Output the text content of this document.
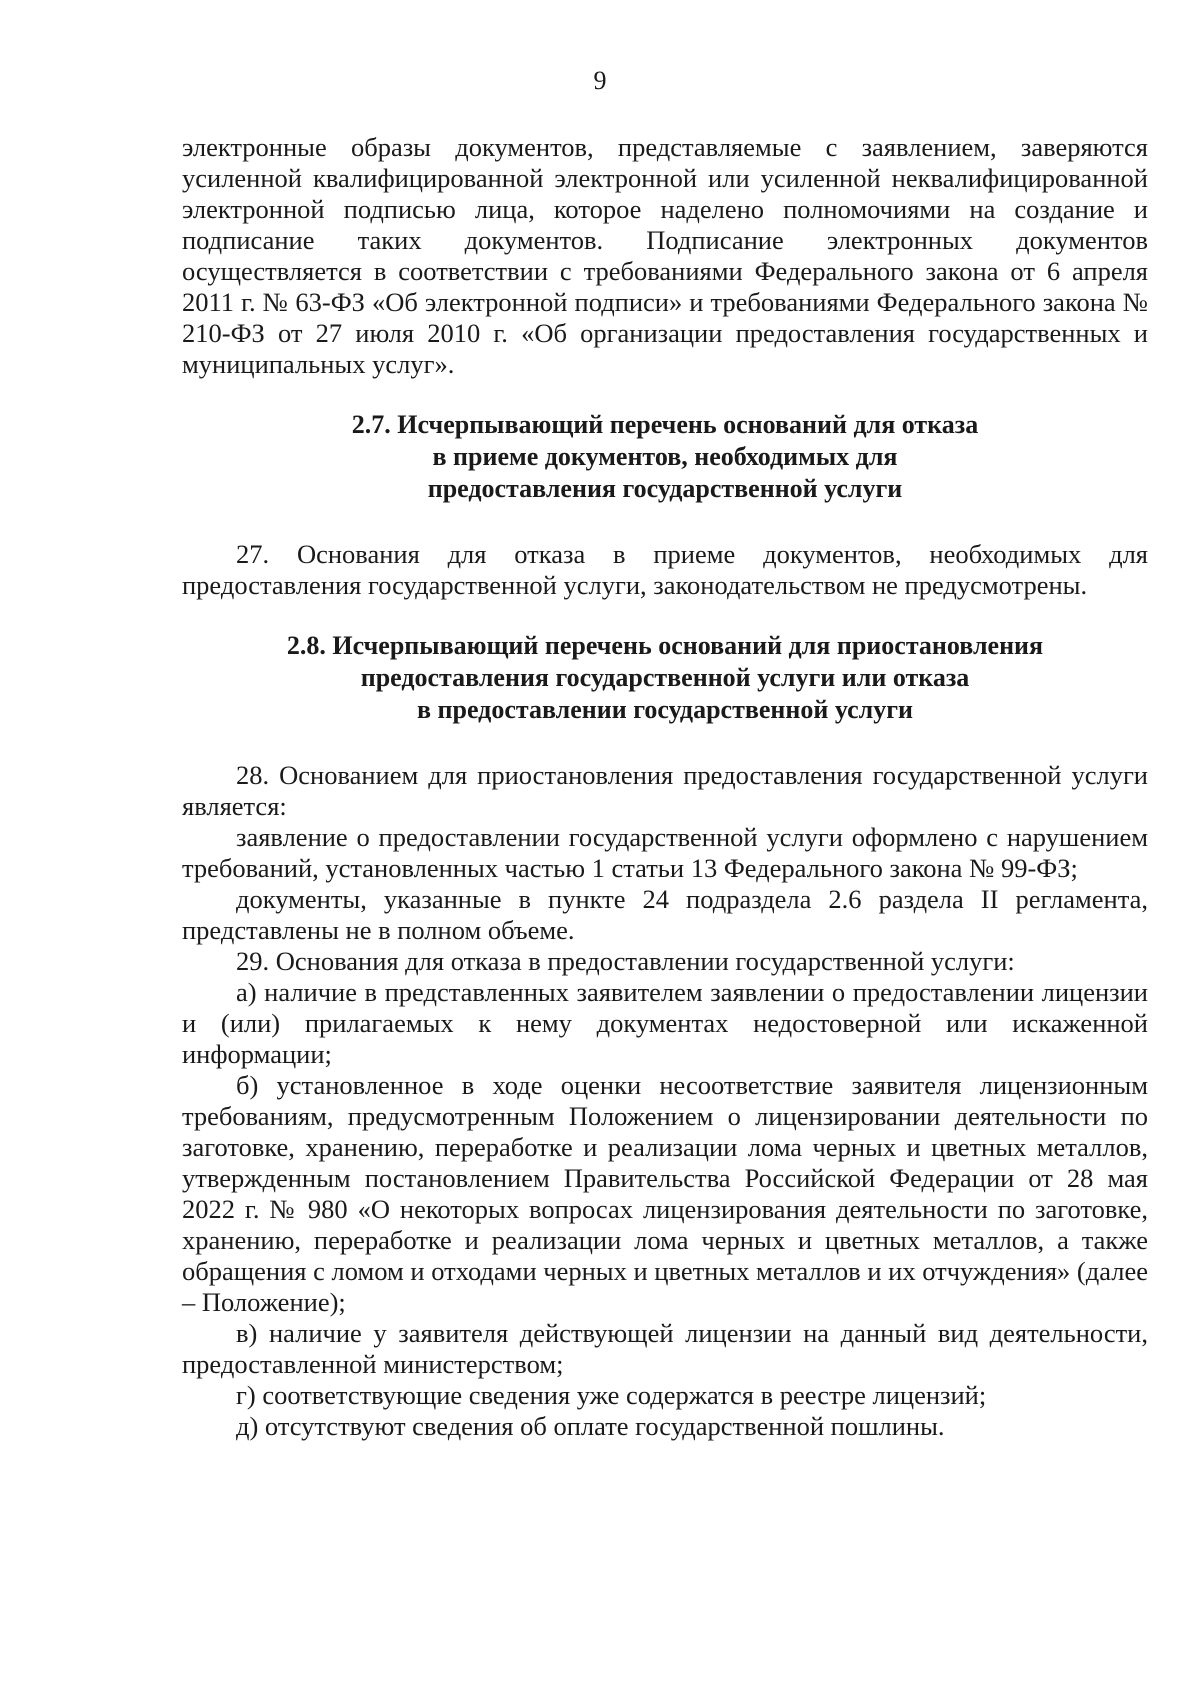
9

электронные образы документов, представляемые с заявлением, заверяются усиленной квалифицированной электронной или усиленной неквалифицированной электронной подписью лица, которое наделено полномочиями на создание и подписание таких документов. Подписание электронных документов осуществляется в соответствии с требованиями Федерального закона от 6 апреля 2011 г. № 63-ФЗ «Об электронной подписи» и требованиями Федерального закона № 210-ФЗ от 27 июля 2010 г. «Об организации предоставления государственных и муниципальных услуг».

2.7. Исчерпывающий перечень оснований для отказа
в приеме документов, необходимых для
предоставления государственной услуги

27. Основания для отказа в приеме документов, необходимых для предоставления государственной услуги, законодательством не предусмотрены.

2.8. Исчерпывающий перечень оснований для приостановления
предоставления государственной услуги или отказа
в предоставлении государственной услуги

28. Основанием для приостановления предоставления государственной услуги является:

заявление о предоставлении государственной услуги оформлено с нарушением требований, установленных частью 1 статьи 13 Федерального закона № 99-ФЗ;

документы, указанные в пункте 24 подраздела 2.6 раздела II регламента, представлены не в полном объеме.

29. Основания для отказа в предоставлении государственной услуги:

а) наличие в представленных заявителем заявлении о предоставлении лицензии и (или) прилагаемых к нему документах недостоверной или искаженной информации;

б) установленное в ходе оценки несоответствие заявителя лицензионным требованиям, предусмотренным Положением о лицензировании деятельности по заготовке, хранению, переработке и реализации лома черных и цветных металлов, утвержденным постановлением Правительства Российской Федерации от 28 мая 2022 г. № 980 «О некоторых вопросах лицензирования деятельности по заготовке, хранению, переработке и реализации лома черных и цветных металлов, а также обращения с ломом и отходами черных и цветных металлов и их отчуждения» (далее – Положение);

в) наличие у заявителя действующей лицензии на данный вид деятельности, предоставленной министерством;

г) соответствующие сведения уже содержатся в реестре лицензий;

д) отсутствуют сведения об оплате государственной пошлины.
